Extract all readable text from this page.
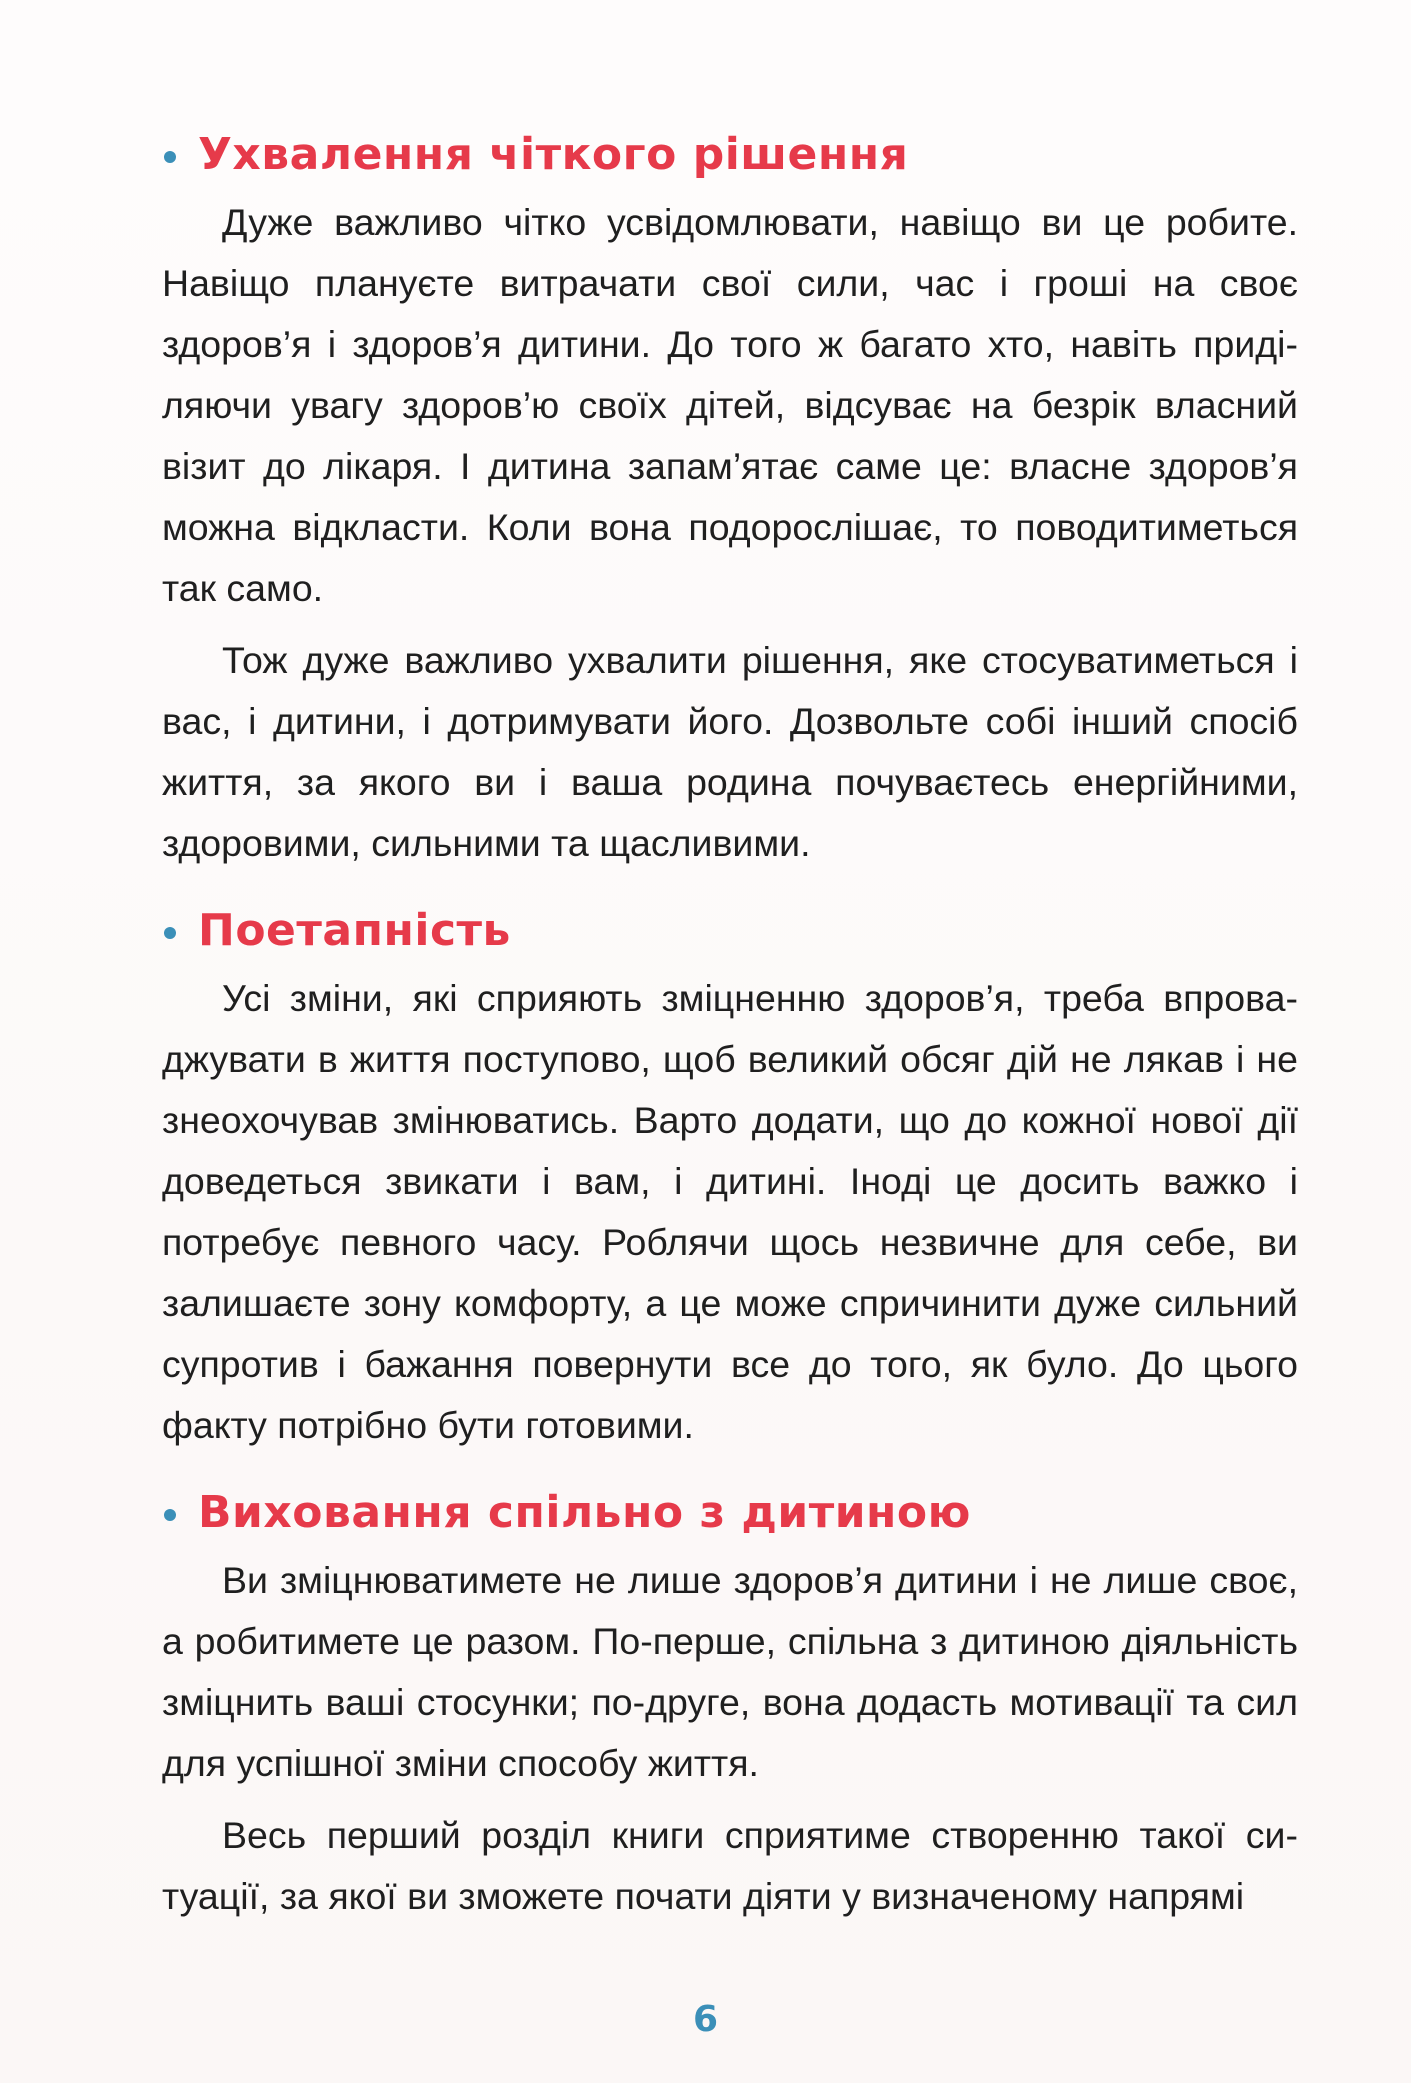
Ухвалення чіткого рішення

Дуже важливо чітко усвідомлювати, навіщо ви це робите. Навіщо плануєте витрачати свої сили, час і гроші на своє здоров’я і здоров’я дитини. До того ж багато хто, навіть приділяючи увагу здоров’ю своїх дітей, відсуває на безрік власний візит до лікаря. І дитина запам’ятає саме це: власне здоров’я можна відкласти. Коли вона подорослішає, то поводитиметься так само.

Тож дуже важливо ухвалити рішення, яке стосуватиметься і вас, і дитини, і дотримувати його. Дозвольте собі інший спосіб життя, за якого ви і ваша родина почуваєтесь енергійними, здоровими, сильними та щасливими.

Поетапність

Усі зміни, які сприяють зміцненню здоров’я, треба впроваджувати в життя поступово, щоб великий обсяг дій не лякав і не знеохочував змінюватись. Варто додати, що до кожної нової дії доведеться звикати і вам, і дитині. Іноді це досить важко і потребує певного часу. Роблячи щось незвичне для себе, ви залишаєте зону комфорту, а це може спричинити дуже сильний супротив і бажання повернути все до того, як було. До цього факту потрібно бути готовими.

Виховання спільно з дитиною

Ви зміцнюватимете не лише здоров’я дитини і не лише своє, а робитимете це разом. По-перше, спільна з дитиною діяльність зміцнить ваші стосунки; по-друге, вона додасть мотивації та сил для успішної зміни способу життя.

Весь перший розділ книги сприятиме створенню такої ситуації, за якої ви зможете почати діяти у визначеному напрямі

6
